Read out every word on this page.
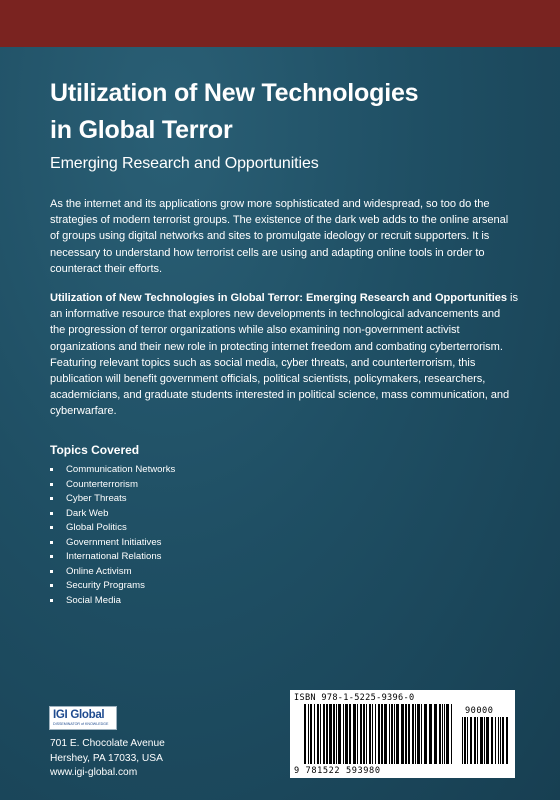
Utilization of New Technologies
in Global Terror
Emerging Research and Opportunities

As the internet and its applications grow more sophisticated and widespread, so too do the strategies of modern terrorist groups. The existence of the dark web adds to the online arsenal of groups using digital networks and sites to promulgate ideology or recruit supporters. It is necessary to understand how terrorist cells are using and adapting online tools in order to counteract their efforts.

Utilization of New Technologies in Global Terror: Emerging Research and Opportunities is an informative resource that explores new developments in technological advancements and the progression of terror organizations while also examining non-government activist organizations and their new role in protecting internet freedom and combating cyberterrorism. Featuring relevant topics such as social media, cyber threats, and counterterrorism, this publication will benefit government officials, political scientists, policymakers, researchers, academicians, and graduate students interested in political science, mass communication, and cyberwarfare.

Topics Covered
Communication Networks
Counterterrorism
Cyber Threats
Dark Web
Global Politics
Government Initiatives
International Relations
Online Activism
Security Programs
Social Media
IGI Global
DISSEMINATOR of KNOWLEDGE
701 E. Chocolate Avenue
Hershey, PA 17033, USA
www.igi-global.com
ISBN 978-1-5225-9396-0
90000
9 781522 593980
